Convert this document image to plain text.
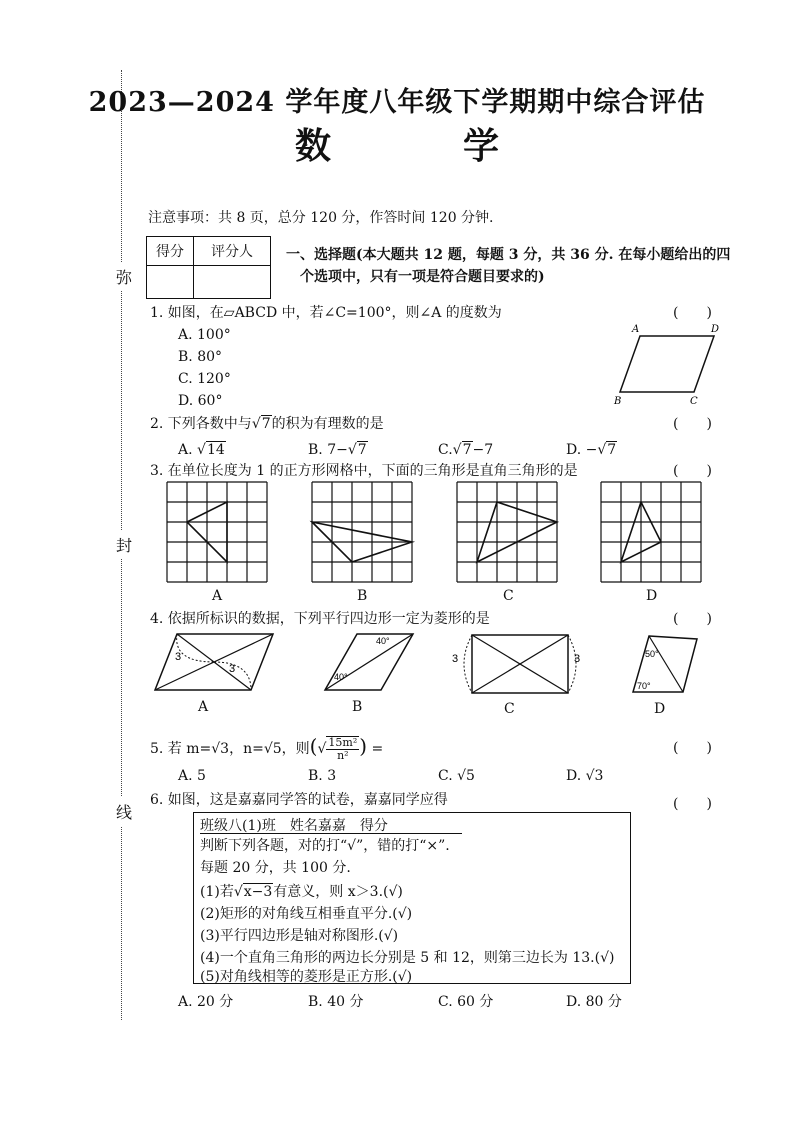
弥
封
线
2023—2024 学年度八年级下学期期中综合评估
数　学
注意事项：共 8 页，总分 120 分，作答时间 120 分钟.
得分	评分人
	一、选择题(本大题共 12 题，每题 3 分，共 36 分. 在每小题给出的四
个选项中，只有一项是符合题目要求的)
1. 如图，在▱ABCD 中，若∠C=100°，则∠A 的度数为	(　　)
A. 100°
B. 80°
C. 120°
D. 60°
A	D
B	C
2. 下列各数中与√7的积为有理数的是	(　　)
A. √14	B. 7−√7	C.√7−7	D. −√7
3. 在单位长度为 1 的正方形网格中，下面的三角形是直角三角形的是	(　　)
A	B	C	D
4. 依据所标识的数据，下列平行四边形一定为菱形的是	(　　)
3
3
40°
40°
3	3	50°
70°
A	B	C	D
5. 若 m=√3，n=√5，则(√ $\frac{\text{15m²}}{\text{n²}}$ ) =	(　　)
A. 5	B. 3	C. √5	D. √3
6. 如图，这是嘉嘉同学答的试卷，嘉嘉同学应得	(　　)
班级八(1)班　姓名嘉嘉　得分
判断下列各题，对的打“√”，错的打“×”.
每题 20 分，共 100 分.
(1)若√x−3有意义，则 x＞3.(√)
(2)矩形的对角线互相垂直平分.(√)
(3)平行四边形是轴对称图形.(√)
(4)一个直角三角形的两边长分别是 5 和 12，则第三边长为 13.(√)
(5)对角线相等的菱形是正方形.(√)
A. 20 分	B. 40 分	C. 60 分	D. 80 分
